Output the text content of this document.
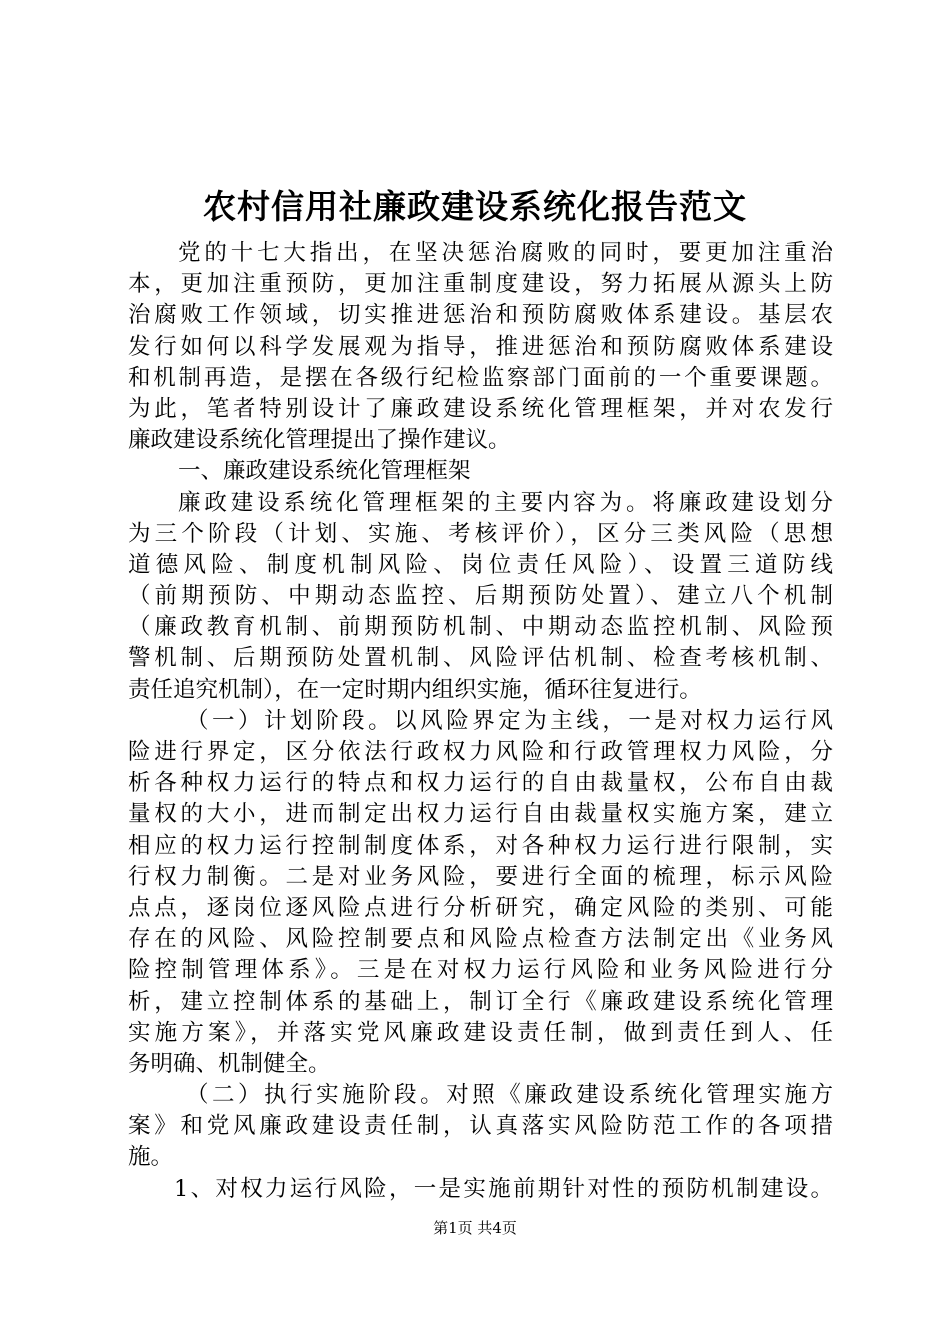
农村信用社廉政建设系统化报告范文
党的十七大指出，在坚决惩治腐败的同时，要更加注重治
本，更加注重预防，更加注重制度建设，努力拓展从源头上防
治腐败工作领域，切实推进惩治和预防腐败体系建设。基层农
发行如何以科学发展观为指导，推进惩治和预防腐败体系建设
和机制再造，是摆在各级行纪检监察部门面前的一个重要课题。
为此，笔者特别设计了廉政建设系统化管理框架，并对农发行
廉政建设系统化管理提出了操作建议。
一、廉政建设系统化管理框架
廉政建设系统化管理框架的主要内容为。将廉政建设划分
为三个阶段（计划、实施、考核评价），区分三类风险（思想
道德风险、制度机制风险、岗位责任风险）、设置三道防线
（前期预防、中期动态监控、后期预防处置）、建立八个机制
（廉政教育机制、前期预防机制、中期动态监控机制、风险预
警机制、后期预防处置机制、风险评估机制、检查考核机制、
责任追究机制），在一定时期内组织实施，循环往复进行。
（一）计划阶段。以风险界定为主线，一是对权力运行风
险进行界定，区分依法行政权力风险和行政管理权力风险，分
析各种权力运行的特点和权力运行的自由裁量权，公布自由裁
量权的大小，进而制定出权力运行自由裁量权实施方案，建立
相应的权力运行控制制度体系，对各种权力运行进行限制，实
行权力制衡。二是对业务风险，要进行全面的梳理，标示风险
点点，逐岗位逐风险点进行分析研究，确定风险的类别、可能
存在的风险、风险控制要点和风险点检查方法制定出《业务风
险控制管理体系》。三是在对权力运行风险和业务风险进行分
析，建立控制体系的基础上，制订全行《廉政建设系统化管理
实施方案》，并落实党风廉政建设责任制，做到责任到人、任
务明确、机制健全。
（二）执行实施阶段。对照《廉政建设系统化管理实施方
案》和党风廉政建设责任制，认真落实风险防范工作的各项措
施。
1、对权力运行风险，一是实施前期针对性的预防机制建设。
第1页 共4页
